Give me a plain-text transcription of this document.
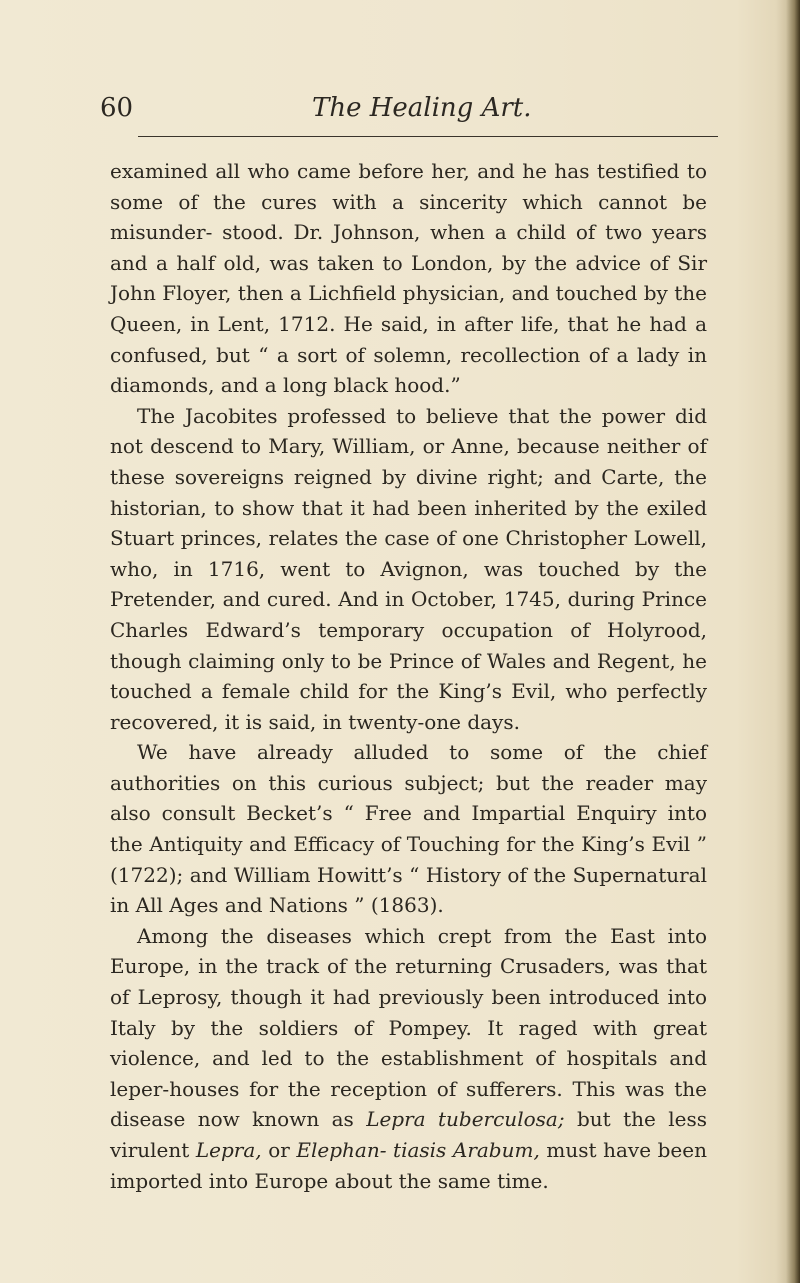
60	The Healing Art.

examined all who came before her, and he has testified to some of the cures with a sincerity which cannot be misunder- stood. Dr. Johnson, when a child of two years and a half old, was taken to London, by the advice of Sir John Floyer, then a Lichfield physician, and touched by the Queen, in Lent, 1712. He said, in after life, that he had a confused, but “ a sort of solemn, recollection of a lady in diamonds, and a long black hood.”

The Jacobites professed to believe that the power did not descend to Mary, William, or Anne, because neither of these sovereigns reigned by divine right; and Carte, the historian, to show that it had been inherited by the exiled Stuart princes, relates the case of one Christopher Lowell, who, in 1716, went to Avignon, was touched by the Pretender, and cured. And in October, 1745, during Prince Charles Edward’s temporary occupation of Holyrood, though claiming only to be Prince of Wales and Regent, he touched a female child for the King’s Evil, who perfectly recovered, it is said, in twenty-one days.

We have already alluded to some of the chief authorities on this curious subject; but the reader may also consult Becket’s “ Free and Impartial Enquiry into the Antiquity and Efficacy of Touching for the King’s Evil ” (1722); and William Howitt’s “ History of the Supernatural in All Ages and Nations ” (1863).

Among the diseases which crept from the East into Europe, in the track of the returning Crusaders, was that of Leprosy, though it had previously been introduced into Italy by the soldiers of Pompey. It raged with great violence, and led to the establishment of hospitals and leper-houses for the reception of sufferers. This was the disease now known as Lepra tuberculosa; but the less virulent Lepra, or Elephan- tiasis Arabum, must have been imported into Europe about the same time.
